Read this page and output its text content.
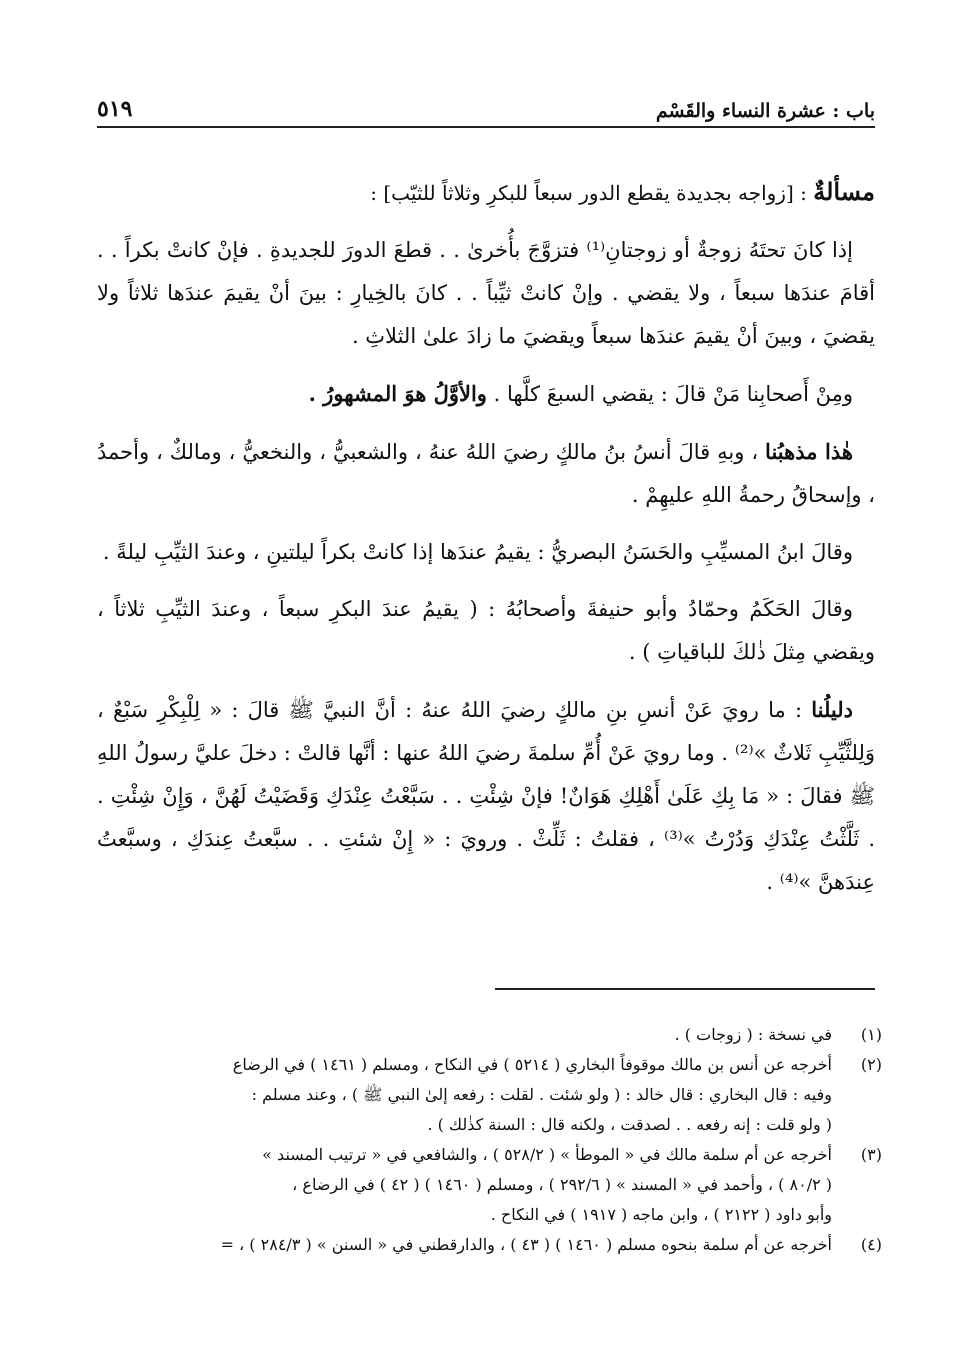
باب : عشرة النساء والقَسْم
٥١٩

مسألةٌ : [زواجه بجديدة يقطع الدور سبعاً للبكرِ وثلاثاً للثيّب] :

إذا كانَ تحتَهُ زوجةٌ أو زوجتانِ⁽¹⁾ فتزوَّجَ بأُخرىٰ . . قطعَ الدورَ للجديدةِ . فإنْ كانتْ بكراً . . أقامَ عندَها سبعاً ، ولا يقضي . وإنْ كانتْ ثيِّباً . . كانَ بالخِيارِ : بينَ أنْ يقيمَ عندَها ثلاثاً ولا يقضيَ ، وبينَ أنْ يقيمَ عندَها سبعاً ويقضيَ ما زادَ علىٰ الثلاثِ .

ومِنْ أَصحابِنا مَنْ قالَ : يقضي السبعَ كلَّها . والأوَّلُ هوَ المشهورُ .

هٰذا مذهبُنا ، وبهِ قالَ أنسُ بنُ مالكٍ رضيَ اللهُ عنهُ ، والشعبيُّ ، والنخعيُّ ، ومالكٌ ، وأحمدُ ، وإسحاقُ رحمةُ اللهِ عليهِمْ .

وقالَ ابنُ المسيِّبِ والحَسَنُ البصريُّ : يقيمُ عندَها إذا كانتْ بكراً ليلتينِ ، وعندَ الثيِّبِ ليلةً .

وقالَ الحَكَمُ وحمّادُ وأبو حنيفةَ وأصحابُهُ : ( يقيمُ عندَ البكرِ سبعاً ، وعندَ الثيِّبِ ثلاثاً ، ويقضي مِثلَ ذٰلكَ للباقياتِ ) .

دليلُنا : ما رويَ عَنْ أنسِ بنِ مالكٍ رضيَ اللهُ عنهُ : أنَّ النبيَّ ﷺ قالَ : « لِلْبِكْرِ سَبْعٌ ، وَلِلثَّيِّبِ ثَلاثٌ »⁽²⁾ . وما رويَ عَنْ أُمِّ سلمةَ رضيَ اللهُ عنها : أنَّها قالتْ : دخلَ عليَّ رسولُ اللهِ ﷺ فقالَ : « مَا بِكِ عَلَىٰ أَهْلِكِ هَوَانٌ! فإنْ شِئْتِ . . سَبَّعْتُ عِنْدَكِ وَقَضَيْتُ لَهُنَّ ، وَإِنْ شِئْتِ . . ثَلَّثْتُ عِنْدَكِ وَدُرْتُ »⁽³⁾ ، فقلتُ : ثَلِّثْ . ورويَ : « إِنْ شئتِ . . سبَّعتُ عِندَكِ ، وسبَّعتُ عِندَهنَّ »⁽⁴⁾ .

(١)
في نسخة : ( زوجات ) .
(٢)
أخرجه عن أنس بن مالك موقوفاً البخاري ( ٥٢١٤ ) في النكاح ، ومسلم ( ١٤٦١ ) في الرضاع
وفيه : قال البخاري : قال خالد : ( ولو شئت . لقلت : رفعه إلىٰ النبي ﷺ ) ، وعند مسلم :
( ولو قلت : إنه رفعه . . لصدقت ، ولكنه قال : السنة كذٰلك ) .
(٣)
أخرجه عن أم سلمة مالك في « الموطأ » ( ٥٢٨/٢ ) ، والشافعي في « ترتيب المسند »
( ٨٠/٢ ) ، وأحمد في « المسند » ( ٢٩٢/٦ ) ، ومسلم ( ١٤٦٠ ) ( ٤٢ ) في الرضاع ،
وأبو داود ( ٢١٢٢ ) ، وابن ماجه ( ١٩١٧ ) في النكاح .
(٤)
أخرجه عن أم سلمة بنحوه مسلم ( ١٤٦٠ ) ( ٤٣ ) ، والدارقطني في « السنن » ( ٢٨٤/٣ ) ، =
